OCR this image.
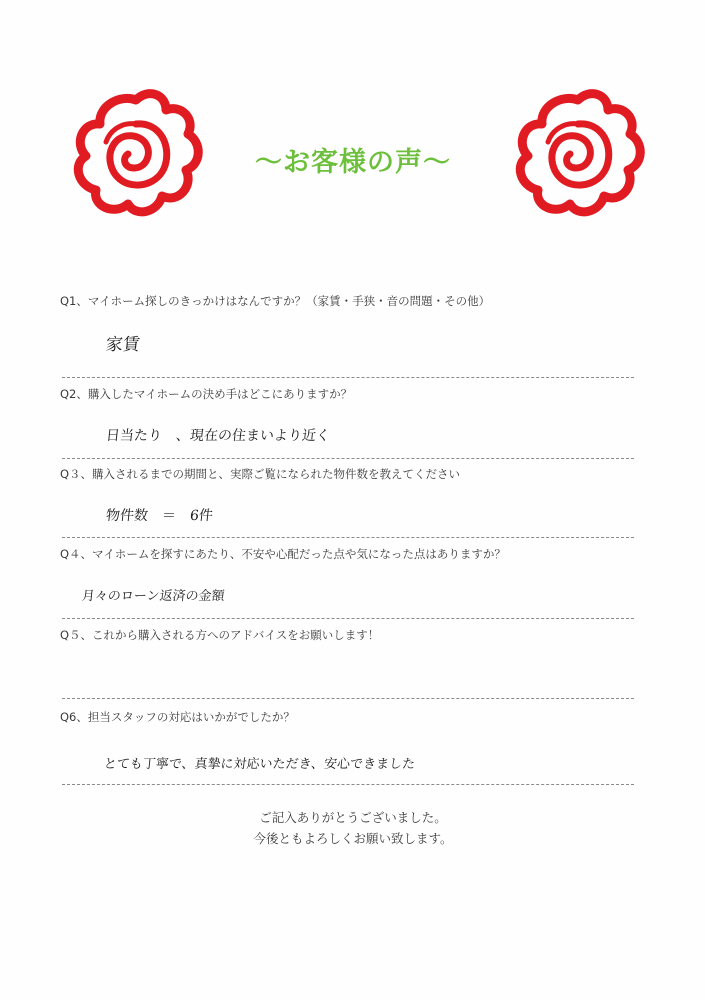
～お客様の声～
Q1、マイホーム探しのきっかけはなんですか？（家賃・手狭・音の問題・その他）
家賃
Q2、購入したマイホームの決め手はどこにありますか？
日当たり　、現在の住まいより近く
Q３、購入されるまでの期間と、実際ご覧になられた物件数を教えてください
物件数　＝　6件
Q４、マイホームを探すにあたり、不安や心配だった点や気になった点はありますか？
月々のローン返済の金額
Q５、これから購入される方へのアドバイスをお願いします！
Q6、担当スタッフの対応はいかがでしたか？
とても丁寧で、真摯に対応いただき、安心できました
ご記入ありがとうございました。
今後ともよろしくお願い致します。
